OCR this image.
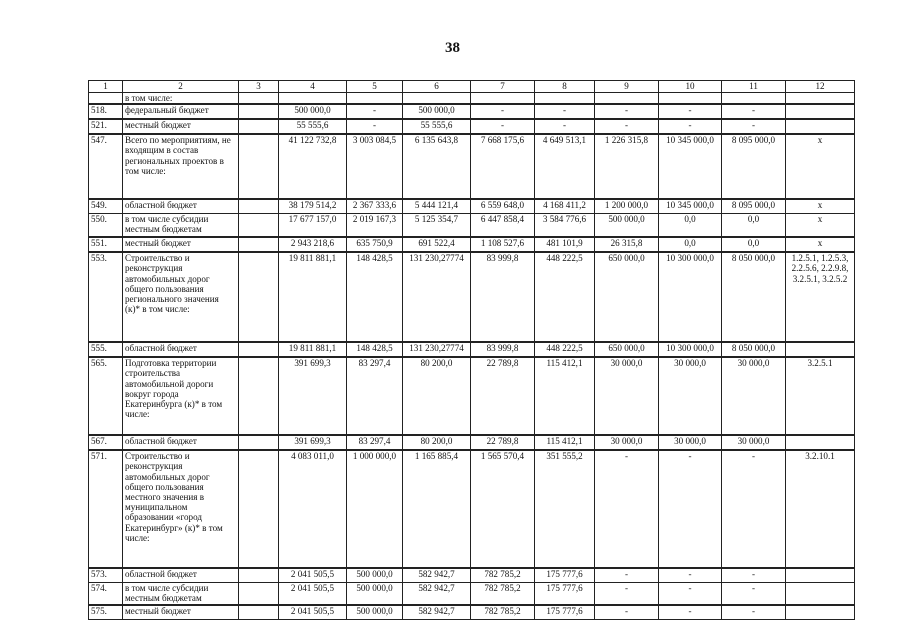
38
1	2	3	4	5	6	7	8	9	10	11	12
	в том числе:										
518.	федеральный бюджет		500 000,0	-	500 000,0	-	-	-	-	-	
521.	местный бюджет		55 555,6	-	55 555,6	-	-	-	-	-	
547.	Всего по мероприятиям, не входящим в состав региональных проектов в том числе:		41 122 732,8	3 003 084,5	6 135 643,8	7 668 175,6	4 649 513,1	1 226 315,8	10 345 000,0	8 095 000,0	x
549.	областной бюджет		38 179 514,2	2 367 333,6	5 444 121,4	6 559 648,0	4 168 411,2	1 200 000,0	10 345 000,0	8 095 000,0	x
550.	в том числе субсидии местным бюджетам		17 677 157,0	2 019 167,3	5 125 354,7	6 447 858,4	3 584 776,6	500 000,0	0,0	0,0	x
551.	местный бюджет		2 943 218,6	635 750,9	691 522,4	1 108 527,6	481 101,9	26 315,8	0,0	0,0	x
553.	Строительство и реконструкция автомобильных дорог общего пользования регионального значения (к)* в том числе:		19 811 881,1	148 428,5	131 230,27774	83 999,8	448 222,5	650 000,0	10 300 000,0	8 050 000,0	1.2.5.1, 1.2.5.3, 2.2.5.6, 2.2.9.8, 3.2.5.1, 3.2.5.2
555.	областной бюджет		19 811 881,1	148 428,5	131 230,27774	83 999,8	448 222,5	650 000,0	10 300 000,0	8 050 000,0	
565.	Подготовка территории строительства автомобильной дороги вокруг города Екатеринбурга (к)* в том числе:		391 699,3	83 297,4	80 200,0	22 789,8	115 412,1	30 000,0	30 000,0	30 000,0	3.2.5.1
567.	областной бюджет		391 699,3	83 297,4	80 200,0	22 789,8	115 412,1	30 000,0	30 000,0	30 000,0	
571.	Строительство и реконструкция автомобильных дорог общего пользования местного значения в муниципальном образовании «город Екатеринбург» (к)* в том числе:		4 083 011,0	1 000 000,0	1 165 885,4	1 565 570,4	351 555,2	-	-	-	3.2.10.1
573.	областной бюджет		2 041 505,5	500 000,0	582 942,7	782 785,2	175 777,6	-	-	-	
574.	в том числе субсидии местным бюджетам		2 041 505,5	500 000,0	582 942,7	782 785,2	175 777,6	-	-	-	
575.	местный бюджет		2 041 505,5	500 000,0	582 942,7	782 785,2	175 777,6	-	-	-	
